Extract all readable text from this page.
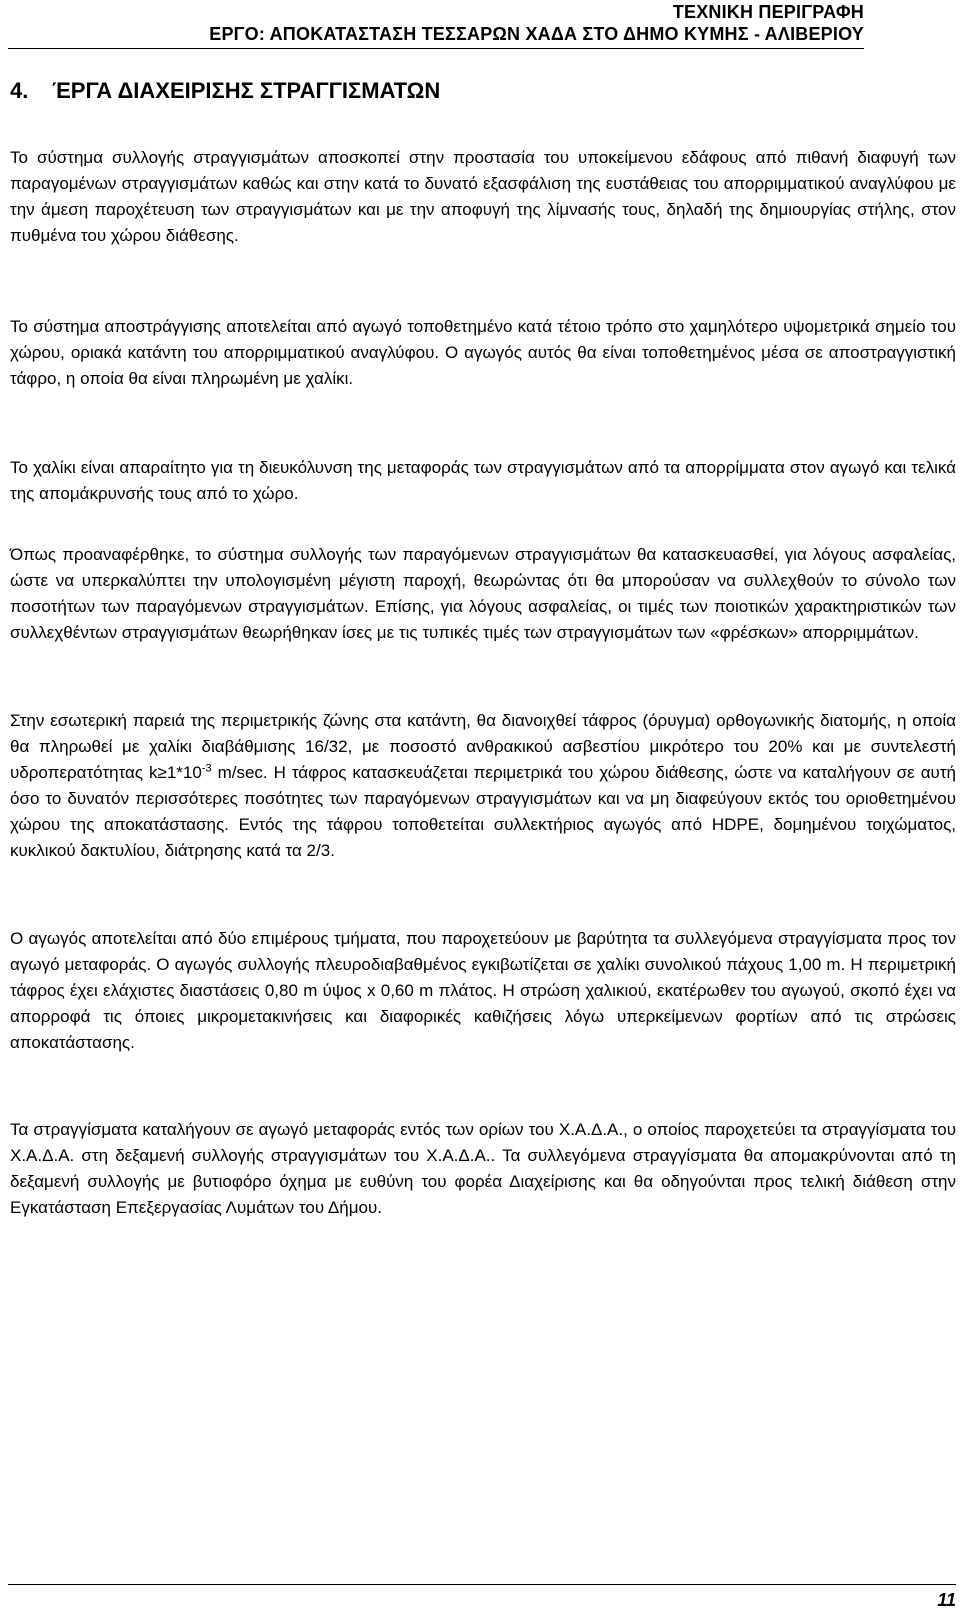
ΤΕΧΝΙΚΗ ΠΕΡΙΓΡΑΦΗ
ΕΡΓΟ: ΑΠΟΚΑΤΑΣΤΑΣΗ ΤΕΣΣΑΡΩΝ ΧΑΔΑ ΣΤΟ ΔΗΜΟ ΚΥΜΗΣ - ΑΛΙΒΕΡΙΟΥ
4. ΈΡΓΑ ΔΙΑΧΕΙΡΙΣΗΣ ΣΤΡΑΓΓΙΣΜΑΤΩΝ

Το σύστημα συλλογής στραγγισμάτων αποσκοπεί στην προστασία του υποκείμενου εδάφους από πιθανή διαφυγή των παραγομένων στραγγισμάτων καθώς και στην κατά το δυνατό εξασφάλιση της ευστάθειας του απορριμματικού αναγλύφου με την άμεση παροχέτευση των στραγγισμάτων και με την αποφυγή της λίμνασής τους, δηλαδή της δημιουργίας στήλης, στον πυθμένα του χώρου διάθεσης.

Το σύστημα αποστράγγισης αποτελείται από αγωγό τοποθετημένο κατά τέτοιο τρόπο στο χαμηλότερο υψομετρικά σημείο του χώρου, οριακά κατάντη του απορριμματικού αναγλύφου. Ο αγωγός αυτός θα είναι τοποθετημένος μέσα σε αποστραγγιστική τάφρο, η οποία θα είναι πληρωμένη με χαλίκι.

Το χαλίκι είναι απαραίτητο για τη διευκόλυνση της μεταφοράς των στραγγισμάτων από τα απορρίμματα στον αγωγό και τελικά της απομάκρυνσής τους από το χώρο.

Όπως προαναφέρθηκε, το σύστημα συλλογής των παραγόμενων στραγγισμάτων θα κατασκευασθεί, για λόγους ασφαλείας, ώστε να υπερκαλύπτει την υπολογισμένη μέγιστη παροχή, θεωρώντας ότι θα μπορούσαν να συλλεχθούν το σύνολο των ποσοτήτων των παραγόμενων στραγγισμάτων. Επίσης, για λόγους ασφαλείας, οι τιμές των ποιοτικών χαρακτηριστικών των συλλεχθέντων στραγγισμάτων θεωρήθηκαν ίσες με τις τυπικές τιμές των στραγγισμάτων των «φρέσκων» απορριμμάτων.

Στην εσωτερική παρειά της περιμετρικής ζώνης στα κατάντη, θα διανοιχθεί τάφρος (όρυγμα) ορθογωνικής διατομής, η οποία θα πληρωθεί με χαλίκι διαβάθμισης 16/32, με ποσοστό ανθρακικού ασβεστίου μικρότερο του 20% και με συντελεστή υδροπερατότητας $k\ge 1*10^{-3}$ m/sec. Η τάφρος κατασκευάζεται περιμετρικά του χώρου διάθεσης, ώστε να καταλήγουν σε αυτή όσο το δυνατόν περισσότερες ποσότητες των παραγόμενων στραγγισμάτων και να μη διαφεύγουν εκτός του οριοθετημένου χώρου της αποκατάστασης. Εντός της τάφρου τοποθετείται συλλεκτήριος αγωγός από HDPE, δομημένου τοιχώματος, κυκλικού δακτυλίου, διάτρησης κατά τα 2/3.

Ο αγωγός αποτελείται από δύο επιμέρους τμήματα, που παροχετεύουν με βαρύτητα τα συλλεγόμενα στραγγίσματα προς τον αγωγό μεταφοράς. Ο αγωγός συλλογής πλευροδιαβαθμένος εγκιβωτίζεται σε χαλίκι συνολικού πάχους 1,00 m. Η περιμετρική τάφρος έχει ελάχιστες διαστάσεις 0,80 m ύψος x 0,60 m πλάτος. Η στρώση χαλικιού, εκατέρωθεν του αγωγού, σκοπό έχει να απορροφά τις όποιες μικρομετακινήσεις και διαφορικές καθιζήσεις λόγω υπερκείμενων φορτίων από τις στρώσεις αποκατάστασης.

Τα στραγγίσματα καταλήγουν σε αγωγό μεταφοράς εντός των ορίων του Χ.Α.Δ.Α., ο οποίος παροχετεύει τα στραγγίσματα του Χ.Α.Δ.Α. στη δεξαμενή συλλογής στραγγισμάτων του Χ.Α.Δ.Α.. Τα συλλεγόμενα στραγγίσματα θα απομακρύνονται από τη δεξαμενή συλλογής με βυτιοφόρο όχημα με ευθύνη του φορέα Διαχείρισης και θα οδηγούνται προς τελική διάθεση στην Εγκατάσταση Επεξεργασίας Λυμάτων του Δήμου.

11
